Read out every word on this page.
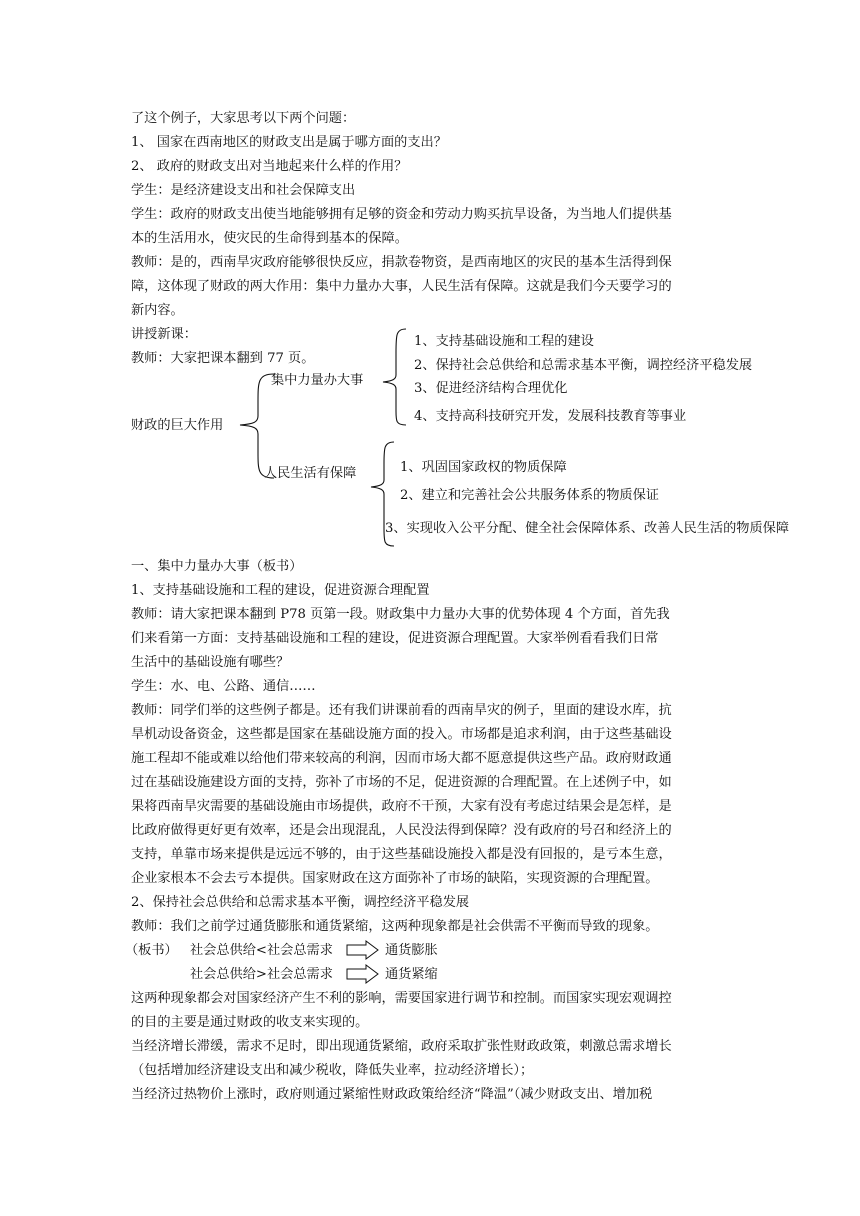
了这个例子，大家思考以下两个问题：
1、 国家在西南地区的财政支出是属于哪方面的支出？
2、 政府的财政支出对当地起来什么样的作用？
学生：是经济建设支出和社会保障支出
学生：政府的财政支出使当地能够拥有足够的资金和劳动力购买抗旱设备，为当地人们提供基
本的生活用水，使灾民的生命得到基本的保障。
教师：是的，西南旱灾政府能够很快反应，捐款卷物资，是西南地区的灾民的基本生活得到保
障，这体现了财政的两大作用：集中力量办大事，人民生活有保障。这就是我们今天要学习的
新内容。
讲授新课：
教师：大家把课本翻到 77 页。
财政的巨大作用
集中力量办大事
1、支持基础设施和工程的建设
2、保持社会总供给和总需求基本平衡，调控经济平稳发展
3、促进经济结构合理优化
4、支持高科技研究开发，发展科技教育等事业
人民生活有保障	1、巩固国家政权的物质保障
2、建立和完善社会公共服务体系的物质保证
3、实现收入公平分配、健全社会保障体系、改善人民生活的物质保障
一、集中力量办大事（板书）
1、支持基础设施和工程的建设，促进资源合理配置
教师：请大家把课本翻到 P78 页第一段。财政集中力量办大事的优势体现 4 个方面，首先我
们来看第一方面：支持基础设施和工程的建设，促进资源合理配置。大家举例看看我们日常
生活中的基础设施有哪些？
学生：水、电、公路、通信……
教师：同学们举的这些例子都是。还有我们讲课前看的西南旱灾的例子，里面的建设水库，抗
旱机动设备资金，这些都是国家在基础设施方面的投入。市场都是追求利润，由于这些基础设
施工程却不能或难以给他们带来较高的利润，因而市场大都不愿意提供这些产品。政府财政通
过在基础设施建设方面的支持，弥补了市场的不足，促进资源的合理配置。在上述例子中，如
果将西南旱灾需要的基础设施由市场提供，政府不干预，大家有没有考虑过结果会是怎样，是
比政府做得更好更有效率，还是会出现混乱，人民没法得到保障？没有政府的号召和经济上的
支持，单靠市场来提供是远远不够的，由于这些基础设施投入都是没有回报的，是亏本生意，
企业家根本不会去亏本提供。国家财政在这方面弥补了市场的缺陷，实现资源的合理配置。
2、保持社会总供给和总需求基本平衡，调控经济平稳发展
教师：我们之前学过通货膨胀和通货紧缩，这两种现象都是社会供需不平衡而导致的现象。
（板书） 社会总供给<社会总需求	通货膨胀
社会总供给>社会总需求	通货紧缩
这两种现象都会对国家经济产生不利的影响，需要国家进行调节和控制。而国家实现宏观调控
的目的主要是通过财政的收支来实现的。
当经济增长滞缓，需求不足时，即出现通货紧缩，政府采取扩张性财政政策，刺激总需求增长
（包括增加经济建设支出和减少税收，降低失业率，拉动经济增长）；
当经济过热物价上涨时，政府则通过紧缩性财政政策给经济“降温”（减少财政支出、增加税
